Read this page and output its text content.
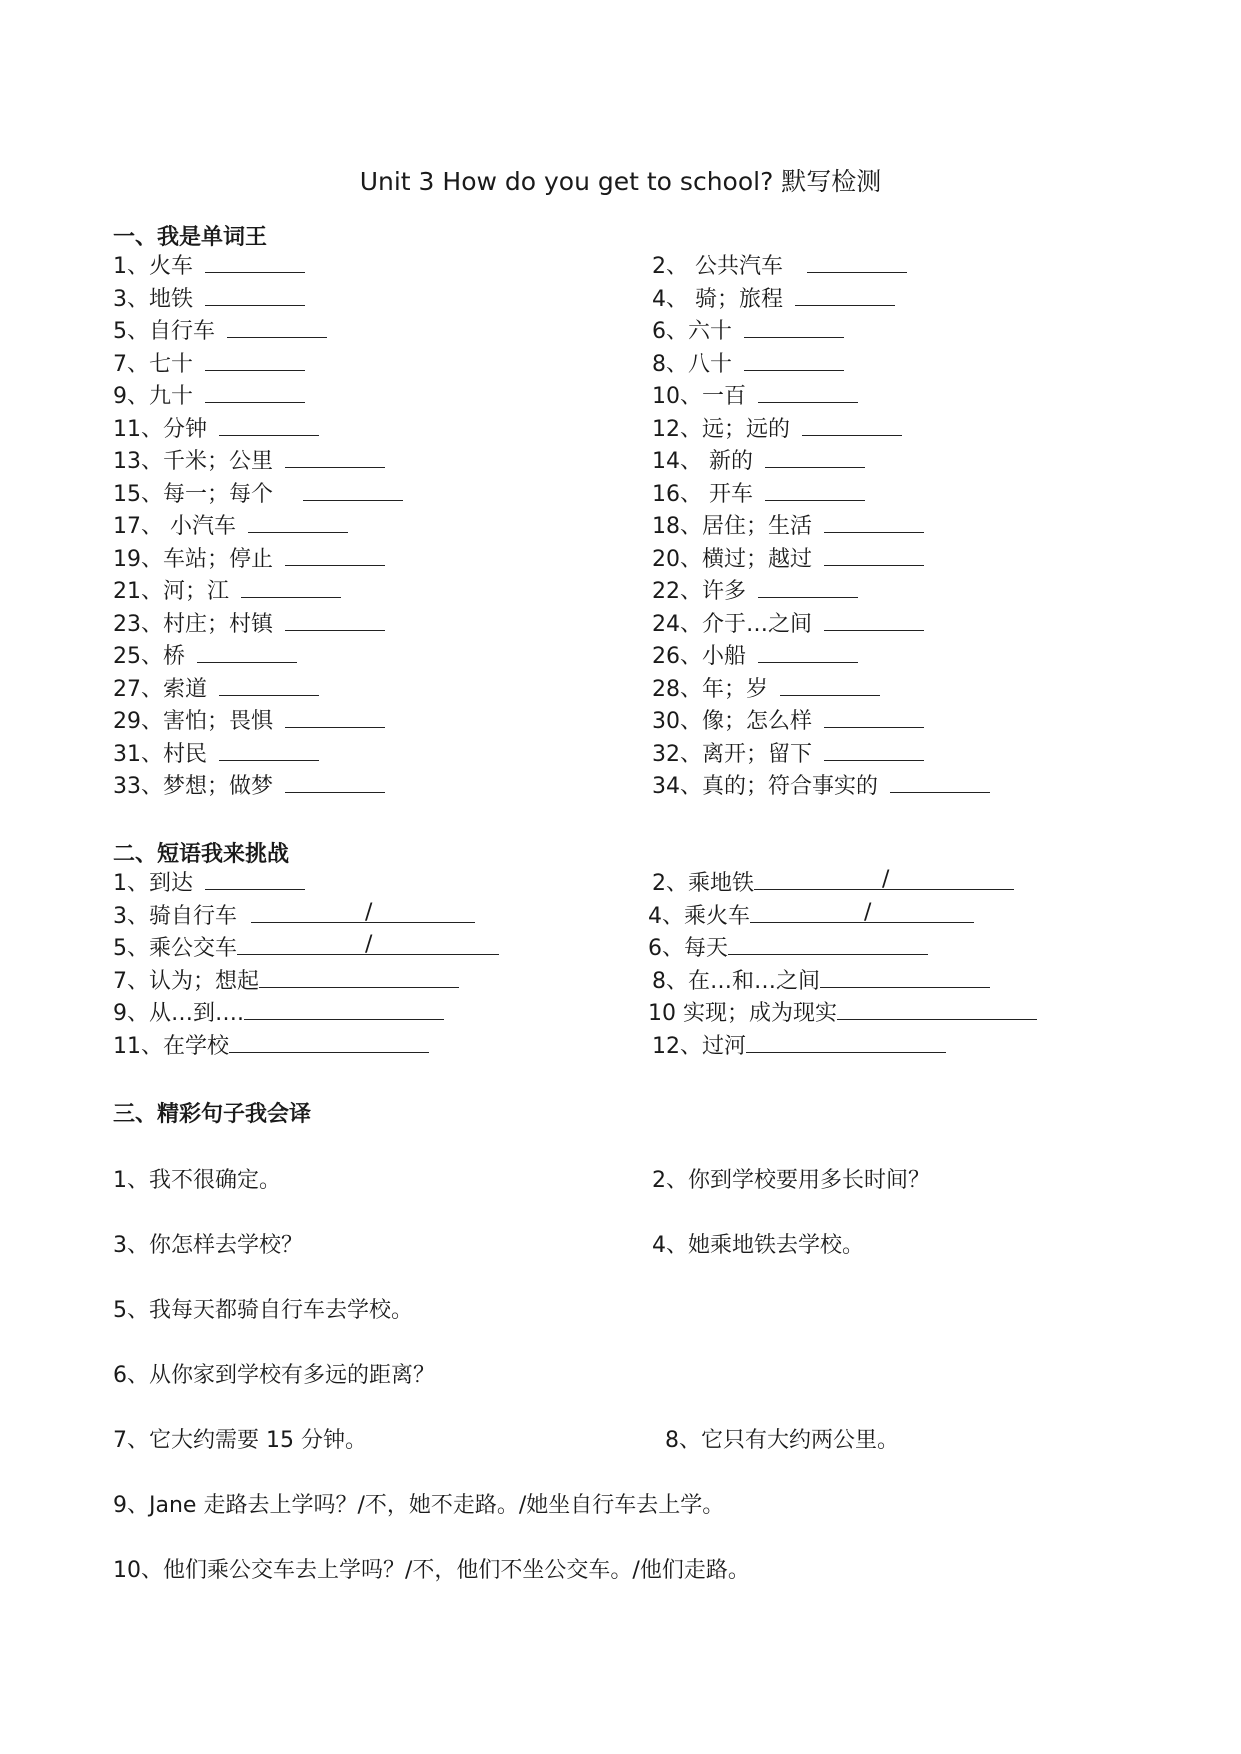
Unit 3 How do you get to school? 默写检测
一、我是单词王
1、火车
3、地铁
5、自行车
7、七十
9、九十
11、分钟
13、千米；公里
15、每一；每个
17、 小汽车
19、车站；停止
21、河；江
23、村庄；村镇
25、桥
27、索道
29、害怕；畏惧
31、村民
33、梦想；做梦
2、 公共汽车
4、 骑；旅程
6、六十
8、八十
10、一百
12、远；远的
14、 新的
16、 开车
18、居住；生活
20、横过；越过
22、许多
24、介于…之间
26、小船
28、年；岁
30、像；怎么样
32、离开；留下
34、真的；符合事实的
二、短语我来挑战
1、到达
3、骑自行车	/
5、乘公交车	/
7、认为；想起
9、从…到….
11、在学校
2、乘地铁	/
4、乘火车	/
6、每天
8、在…和…之间
10 实现；成为现实
12、过河
三、精彩句子我会译
1、我不很确定。	2、你到学校要用多长时间？
3、你怎样去学校？	4、她乘地铁去学校。
5、我每天都骑自行车去学校。
6、从你家到学校有多远的距离？
7、它大约需要 15 分钟。	8、它只有大约两公里。
9、Jane 走路去上学吗？/不，她不走路。/她坐自行车去上学。
10、他们乘公交车去上学吗？/不，他们不坐公交车。/他们走路。
